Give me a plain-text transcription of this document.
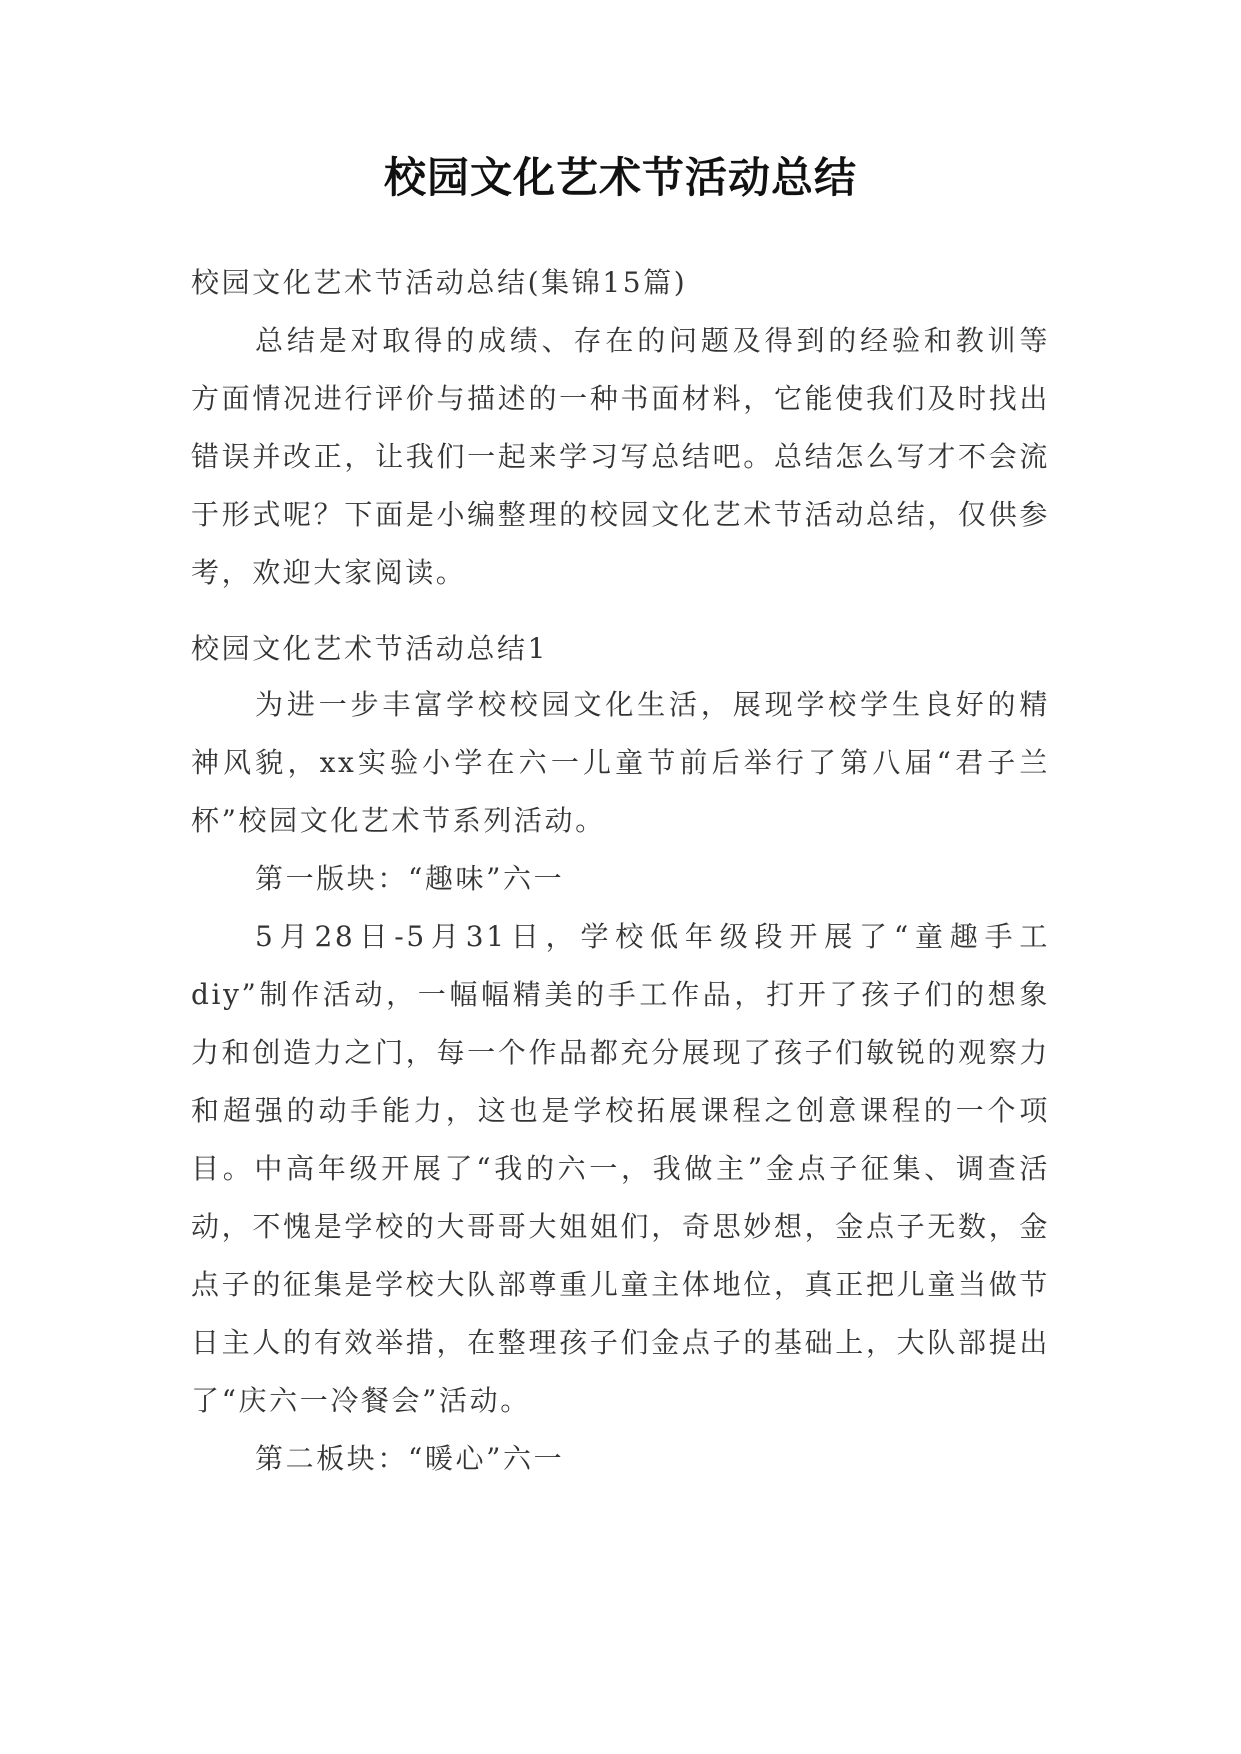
校园文化艺术节活动总结
校园文化艺术节活动总结(集锦15篇)

总结是对取得的成绩、存在的问题及得到的经验和教训等方面情况进行评价与描述的一种书面材料，它能使我们及时找出错误并改正，让我们一起来学习写总结吧。总结怎么写才不会流于形式呢？下面是小编整理的校园文化艺术节活动总结，仅供参考，欢迎大家阅读。

校园文化艺术节活动总结1

为进一步丰富学校校园文化生活，展现学校学生良好的精神风貌，xx实验小学在六一儿童节前后举行了第八届“君子兰杯”校园文化艺术节系列活动。

第一版块：“趣味”六一

5月28日-5月31日，学校低年级段开展了“童趣手工diy”制作活动，一幅幅精美的手工作品，打开了孩子们的想象力和创造力之门，每一个作品都充分展现了孩子们敏锐的观察力和超强的动手能力，这也是学校拓展课程之创意课程的一个项目。中高年级开展了“我的六一，我做主”金点子征集、调查活动，不愧是学校的大哥哥大姐姐们，奇思妙想，金点子无数，金点子的征集是学校大队部尊重儿童主体地位，真正把儿童当做节日主人的有效举措，在整理孩子们金点子的基础上，大队部提出了“庆六一冷餐会”活动。

第二板块：“暖心”六一
